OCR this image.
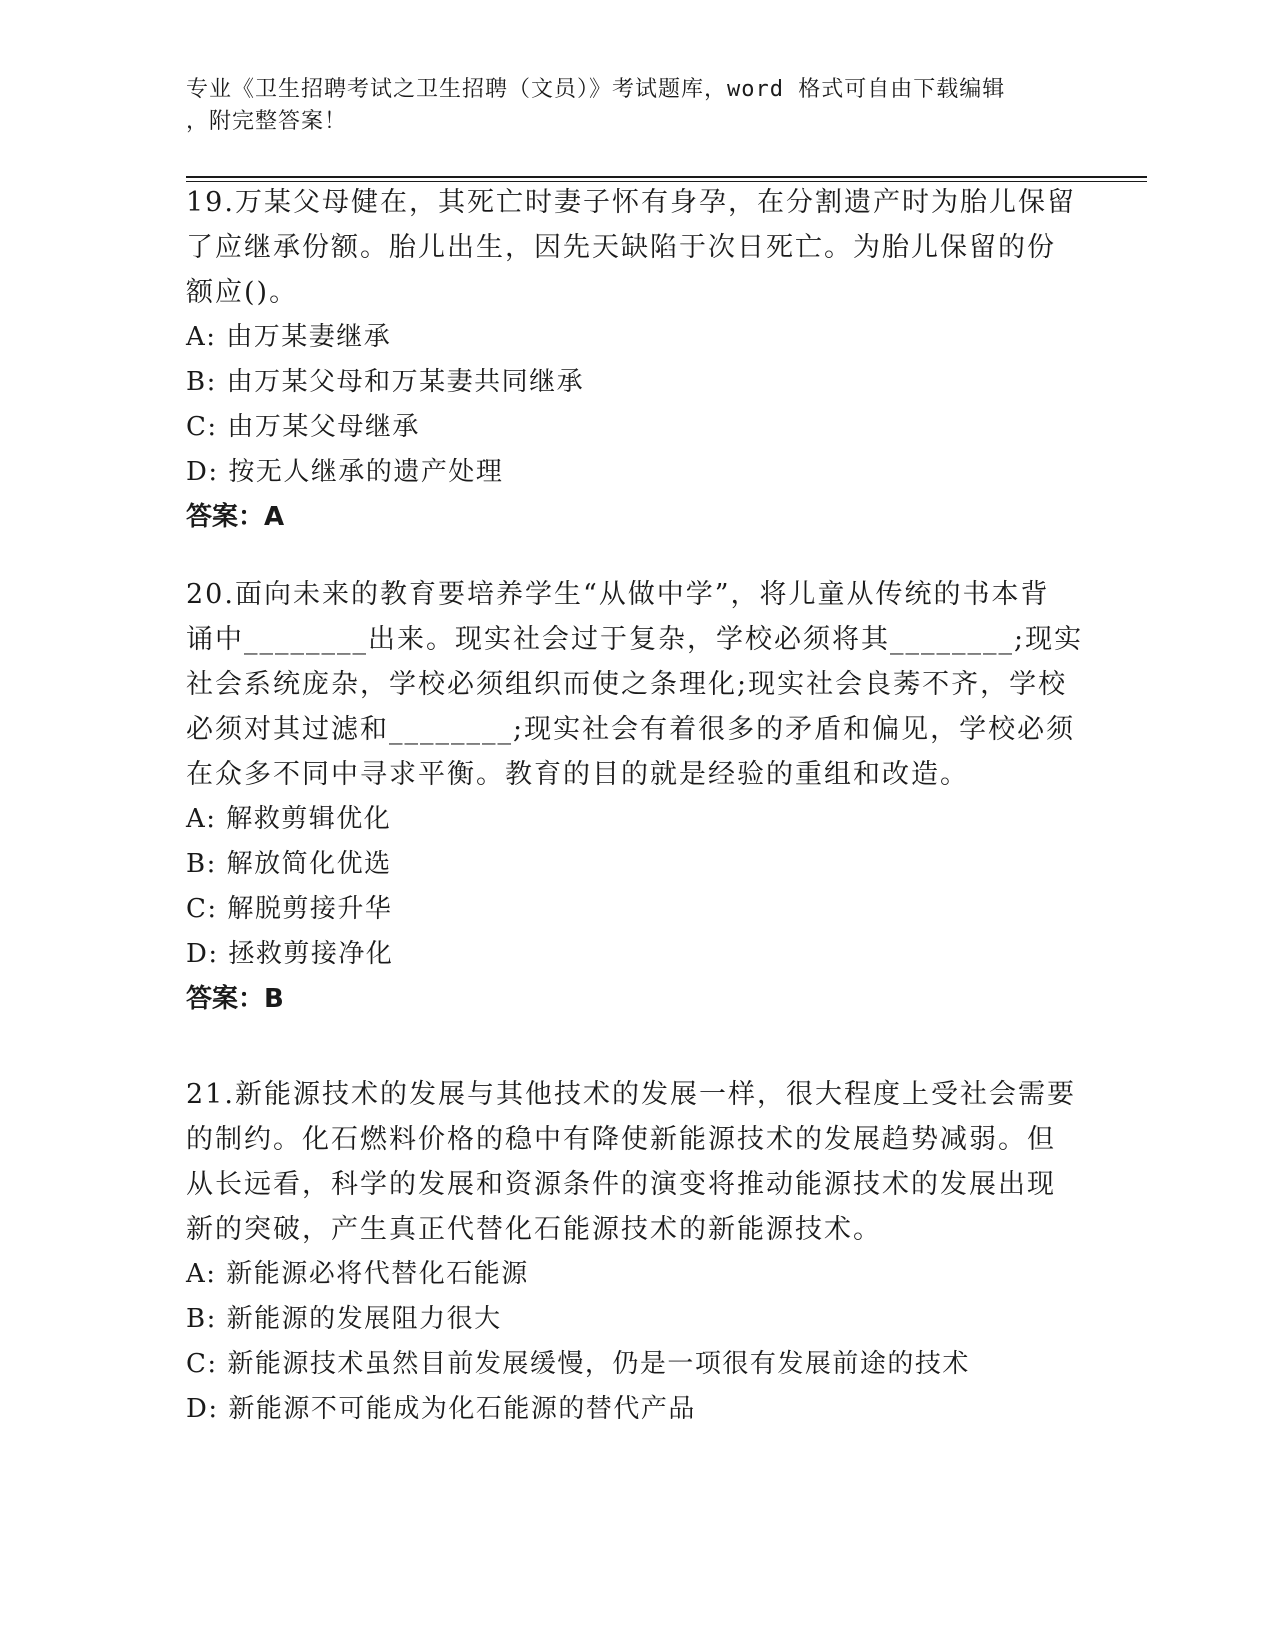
专业《卫生招聘考试之卫生招聘（文员）》考试题库，word 格式可自由下载编辑
，附完整答案！
19.万某父母健在，其死亡时妻子怀有身孕，在分割遗产时为胎儿保留
了应继承份额。胎儿出生，因先天缺陷于次日死亡。为胎儿保留的份
额应()。
A: 由万某妻继承
B: 由万某父母和万某妻共同继承
C: 由万某父母继承
D: 按无人继承的遗产处理
答案：A
20.面向未来的教育要培养学生“从做中学”，将儿童从传统的书本背
诵中________出来。现实社会过于复杂，学校必须将其________;现实
社会系统庞杂，学校必须组织而使之条理化;现实社会良莠不齐，学校
必须对其过滤和________;现实社会有着很多的矛盾和偏见，学校必须
在众多不同中寻求平衡。教育的目的就是经验的重组和改造。
A: 解救剪辑优化
B: 解放简化优选
C: 解脱剪接升华
D: 拯救剪接净化
答案：B
21.新能源技术的发展与其他技术的发展一样，很大程度上受社会需要
的制约。化石燃料价格的稳中有降使新能源技术的发展趋势减弱。但
从长远看，科学的发展和资源条件的演变将推动能源技术的发展出现
新的突破，产生真正代替化石能源技术的新能源技术。
A: 新能源必将代替化石能源
B: 新能源的发展阻力很大
C: 新能源技术虽然目前发展缓慢，仍是一项很有发展前途的技术
D: 新能源不可能成为化石能源的替代产品
